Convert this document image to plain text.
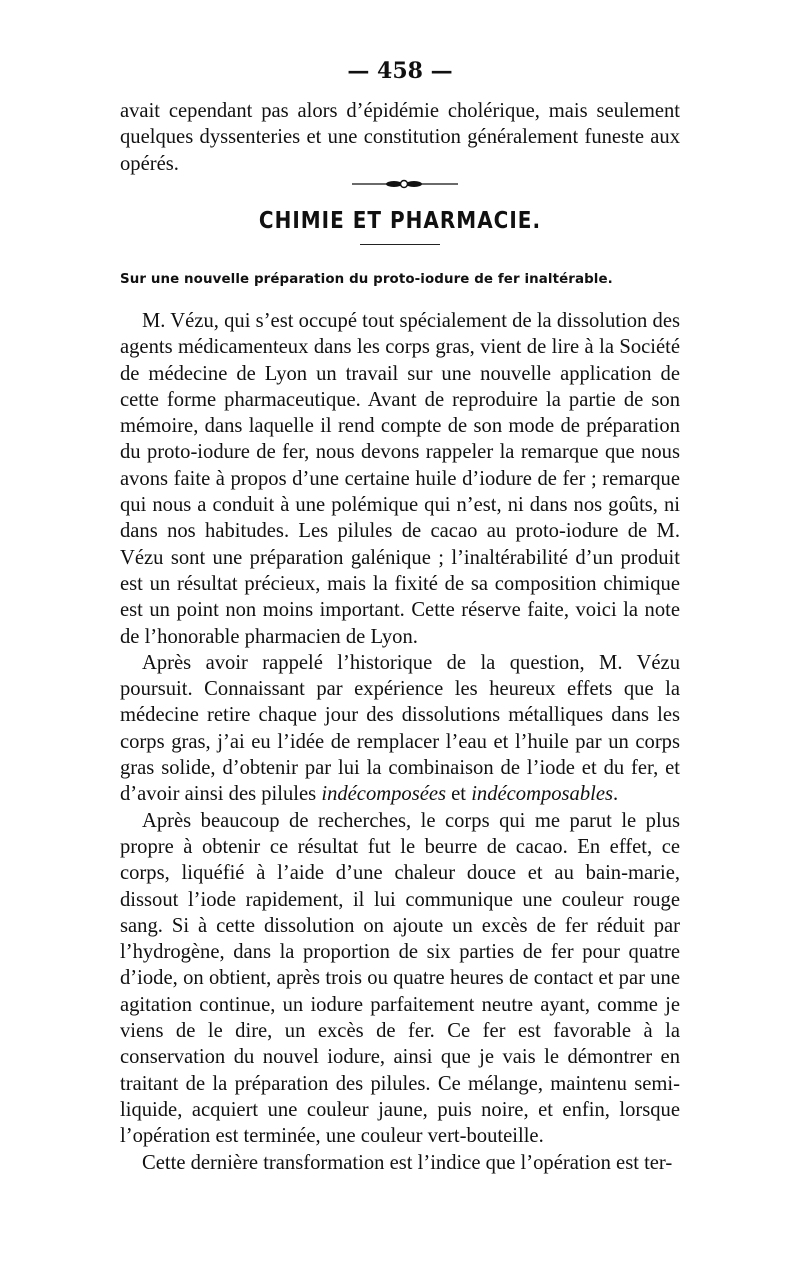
— 458 —

avait cependant pas alors d’épidémie cholérique, mais seulement quelques dyssenteries et une constitution généralement funeste aux opérés.

CHIMIE ET PHARMACIE.
Sur une nouvelle préparation du proto-iodure de fer inaltérable.

M. Vézu, qui s’est occupé tout spécialement de la dissolution des agents médicamenteux dans les corps gras, vient de lire à la Société de médecine de Lyon un travail sur une nouvelle application de cette forme pharmaceutique. Avant de reproduire la partie de son mémoire, dans laquelle il rend compte de son mode de préparation du proto-iodure de fer, nous devons rappeler la remarque que nous avons faite à propos d’une certaine huile d’iodure de fer ; remarque qui nous a conduit à une polémique qui n’est, ni dans nos goûts, ni dans nos habitudes. Les pilules de cacao au proto-iodure de M. Vézu sont une préparation galénique ; l’inaltérabilité d’un produit est un résultat précieux, mais la fixité de sa composition chimique est un point non moins important. Cette réserve faite, voici la note de l’honorable pharmacien de Lyon.

Après avoir rappelé l’historique de la question, M. Vézu poursuit. Connaissant par expérience les heureux effets que la médecine retire chaque jour des dissolutions métalliques dans les corps gras, j’ai eu l’idée de remplacer l’eau et l’huile par un corps gras solide, d’obtenir par lui la combinaison de l’iode et du fer, et d’avoir ainsi des pilules indécomposées et indécomposables.

Après beaucoup de recherches, le corps qui me parut le plus propre à obtenir ce résultat fut le beurre de cacao. En effet, ce corps, liquéfié à l’aide d’une chaleur douce et au bain-marie, dissout l’iode rapidement, il lui communique une couleur rouge sang. Si à cette dissolution on ajoute un excès de fer réduit par l’hydrogène, dans la proportion de six parties de fer pour quatre d’iode, on obtient, après trois ou quatre heures de contact et par une agitation continue, un iodure parfaitement neutre ayant, comme je viens de le dire, un excès de fer. Ce fer est favorable à la conservation du nouvel iodure, ainsi que je vais le démontrer en traitant de la préparation des pilules. Ce mélange, maintenu semi-liquide, acquiert une couleur jaune, puis noire, et enfin, lorsque l’opération est terminée, une couleur vert-bouteille.

Cette dernière transformation est l’indice que l’opération est ter-
